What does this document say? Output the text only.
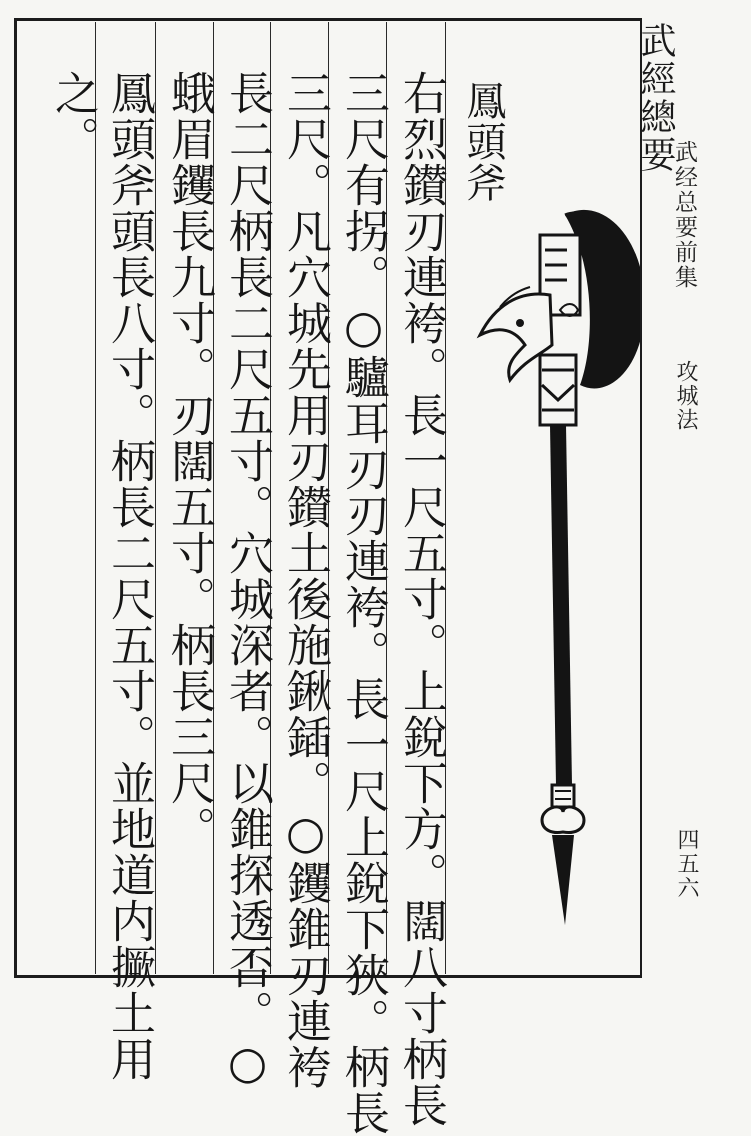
鳳頭斧
右烈鑚刃連袴。長一尺五寸。上銳下方。闊八寸柄長
三尺有拐。○驢耳刃刃連袴。長一尺上銳下狹。柄長
三尺。凡穴城先用刃鑚土後施鍬鍤。○钁錐刃連袴
長二尺柄長二尺五寸。穴城深者。以錐探透否。○
蛾眉钁長九寸。刃闊五寸。柄長三尺。
鳳頭斧頭長八寸。柄長二尺五寸。並地道内撅土用
之。	武經總要
武经总要前集
攻城法
四五六
